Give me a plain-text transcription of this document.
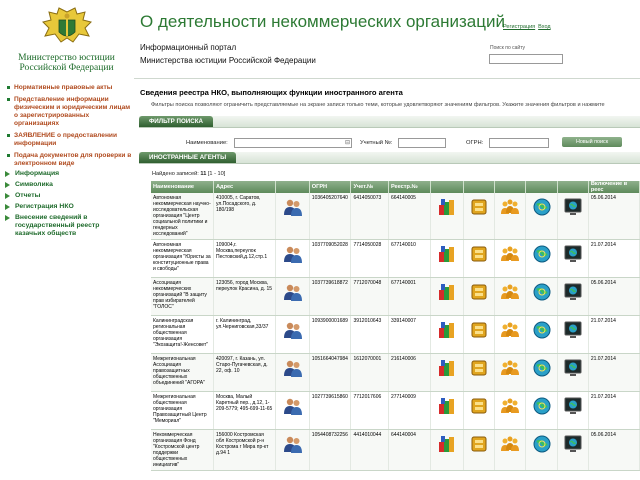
Министерство юстиции Российской Федерации
Нормативные правовые акты
Представление информации физическим и юридическим лицам о зарегистрированных организациях
ЗАЯВЛЕНИЕ о предоставлении информации
Подача документов для проверки в электронном виде
Информация
Символика
Отчеты
Регистрация НКО
Внесение сведений в государственный реестр казачьих обществ
О деятельности некоммерческих организаций
Регистрация Вход
Информационный портал
Министерства юстиции Российской Федерации
Поиск по сайту
Сведения реестра НКО, выполняющих функции иностранного агента
Фильтры поиска позволяют ограничить представляемые на экране записи только теми, которые удовлетворяют значениям фильтров. Укажите значения фильтров и нажмите
ФИЛЬТР ПОИСКА
Наименование:	⊟ Учетный №:	ОГРН:	Новый поиск
ИНОСТРАННЫЕ АГЕНТЫ
Найдено записей: 11 [1 - 10]
Наименование	Адрес		ОГРН	Учет.№	Реестр.№						Включение в реес
Автономная некоммерческая научно-исследовательская организация "Центр социальной политики и гендерных исследований"	410005, г. Саратов, ул.Посадского, д. 180/198		1036405207640	6414050073	664140005						05.06.2014
Автономная некоммерческая организация "Юристы за конституционные права и свободы"	109004,г. Москва,переулок Пестовский,д.12,стр.1		1037709052028	7714050028	677140010						21.07.2014
Ассоциация некоммерческих организаций "В защиту прав избирателей "ГОЛОС"	123056, город Москва, переулок Красина, д. 15		1037739618872	7712070048	677140001						05.06.2014
Калининградская региональная общественная организация "Экозащита!-Женсовет"	г. Калининград, ул.Черниговская,33/37		1093900001689	3912010643	339140007						21.07.2014
Межрегиональная Ассоциация правозащитных общественных объединений "АГОРА"	420097, г. Казань, ул. Старо-Пугачевская, д. 22, оф. 10		1051664047984	1612070001	216140006						21.07.2014
Межрегиональная общественная организация Правозащитный Центр "Мемориал"	Москва, Малый Каретный пер., д.12, 1-209-5779; 495-699-11-65		1027739615860	7712017606	277140009						21.07.2014
Некоммерческая организация Фонд "Костромской центр поддержки общественных инициатив"	156000 Костромская обл Костромской р-н Кострома г Мира пр-кт д.94 1		1054408732256	4414010044	644140004						05.06.2014
